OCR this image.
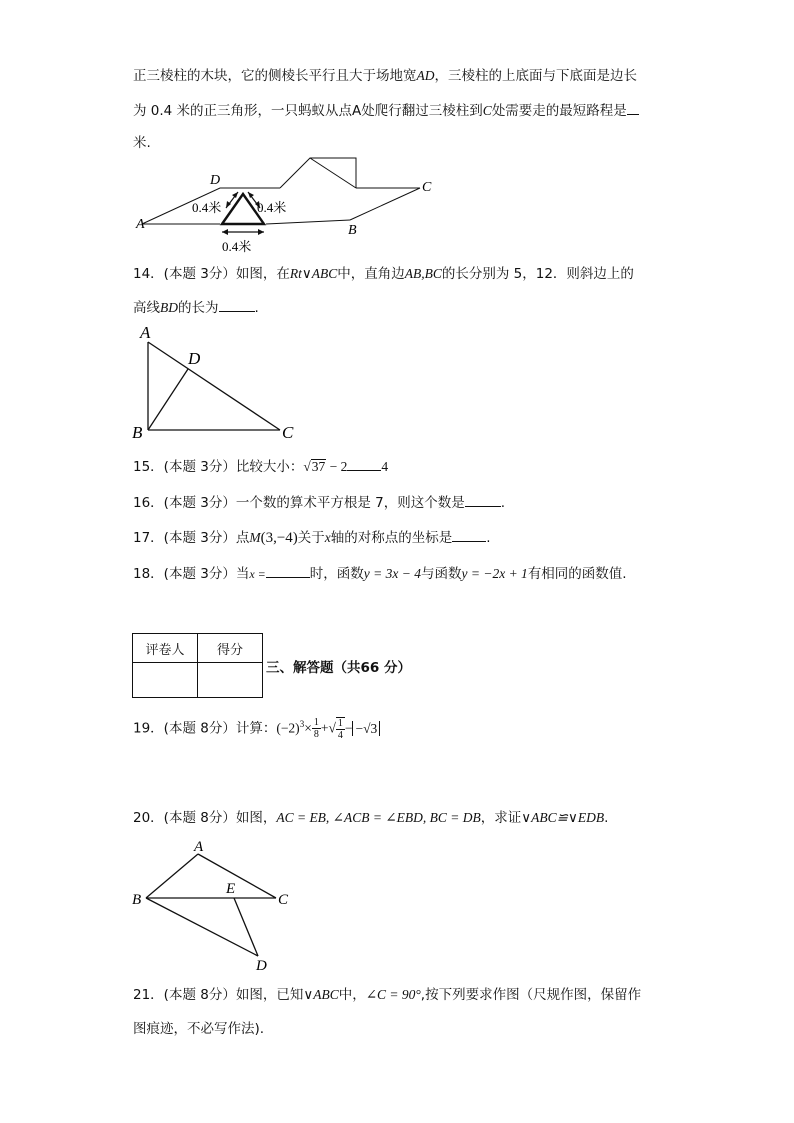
正三棱柱的木块，它的侧棱长平行且大于场地宽AD，三棱柱的上底面与下底面是边长
为 0.4 米的正三角形，一只蚂蚁从点A处爬行翻过三棱柱到C处需要走的最短路程是
米.
A
D	C
B
0.4米	0.4米
0.4米
14．(本题 3分）如图，在Rt∨ABC中，直角边AB,BC的长分别为 5，12．则斜边上的
高线BD的长为	.
A
D
B	C
15．(本题 3分）比较大小：√37 − 2	4
16．(本题 3分）一个数的算术平方根是 7，则这个数是	.
17．(本题 3分）点M(3,−4)关于x轴的对称点的坐标是	.
18．(本题 3分）当x =	时，函数y = 3x − 4与函数y = −2x + 1有相同的函数值.
评卷人	得分

三、解答题（共66 分）
19．(本题 8分）计算：$(-2)^3\times \frac{1}{8}$ +√ $\frac{1}{4} - -√3$
20．(本题 8分）如图，AC = EB, ∠ACB = ∠EBD, BC = DB，求证∨ABC≌∨EDB.
A
B	C
E
D
21．(本题 8分）如图，已知∨ABC中，∠C = 90°,按下列要求作图（尺规作图，保留作
图痕迹，不必写作法).
